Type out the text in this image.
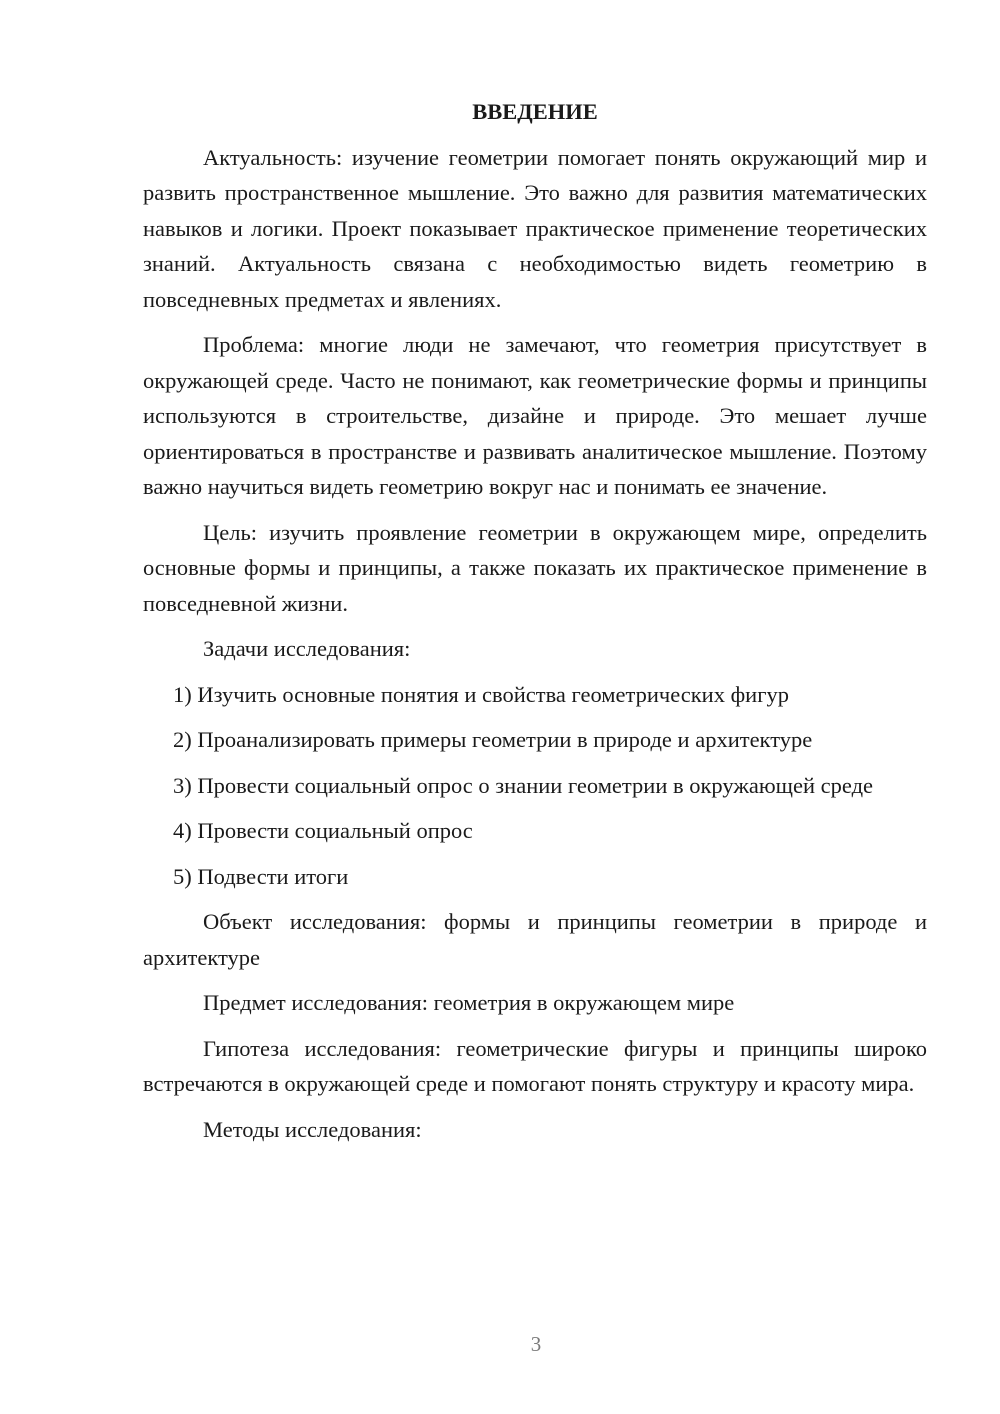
ВВЕДЕНИЕ

Актуальность: изучение геометрии помогает понять окружающий мир и развить пространственное мышление. Это важно для развития математических навыков и логики. Проект показывает практическое применение теоретических знаний. Актуальность связана с необходимостью видеть геометрию в повседневных предметах и явлениях.

Проблема: многие люди не замечают, что геометрия присутствует в окружающей среде. Часто не понимают, как геометрические формы и принципы используются в строительстве, дизайне и природе. Это мешает лучше ориентироваться в пространстве и развивать аналитическое мышление. Поэтому важно научиться видеть геометрию вокруг нас и понимать ее значение.

Цель: изучить проявление геометрии в окружающем мире, определить основные формы и принципы, а также показать их практическое применение в повседневной жизни.

Задачи исследования:

1) Изучить основные понятия и свойства геометрических фигур

2) Проанализировать примеры геометрии в природе и архитектуре

3) Провести социальный опрос о знании геометрии в окружающей среде

4) Провести социальный опрос

5) Подвести итоги

Объект исследования: формы и принципы геометрии в природе и архитектуре

Предмет исследования: геометрия в окружающем мире

Гипотеза исследования: геометрические фигуры и принципы широко встречаются в окружающей среде и помогают понять структуру и красоту мира.

Методы исследования:

3
